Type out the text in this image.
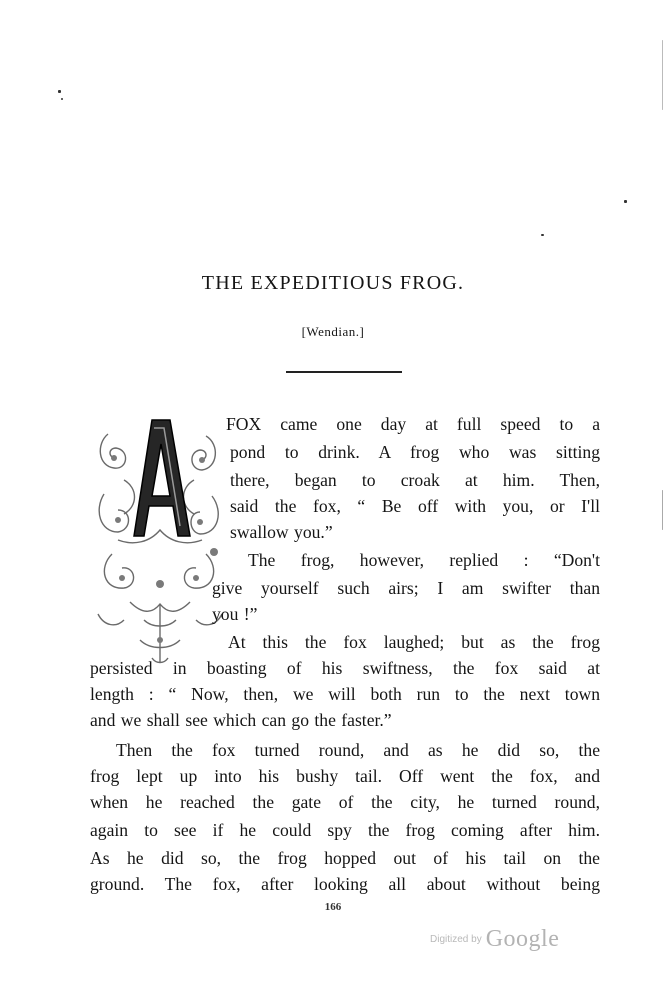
THE EXPEDITIOUS FROG.
[Wendian.]
FOX came one day at full speed to a
pond to drink. A frog who was sitting
there, began to croak at him. Then,
said the fox, “ Be off with you, or I'll
swallow you.”
The frog, however, replied : “Don't
give yourself such airs; I am swifter than
you !”
At this the fox laughed; but as the frog
persisted in boasting of his swiftness, the fox said at
length : “ Now, then, we will both run to the next town
and we shall see which can go the faster.”
Then the fox turned round, and as he did so, the
frog lept up into his bushy tail. Off went the fox, and
when he reached the gate of the city, he turned round,
again to see if he could spy the frog coming after him.
As he did so, the frog hopped out of his tail on the
ground. The fox, after looking all about without being
166
Digitized by Google
